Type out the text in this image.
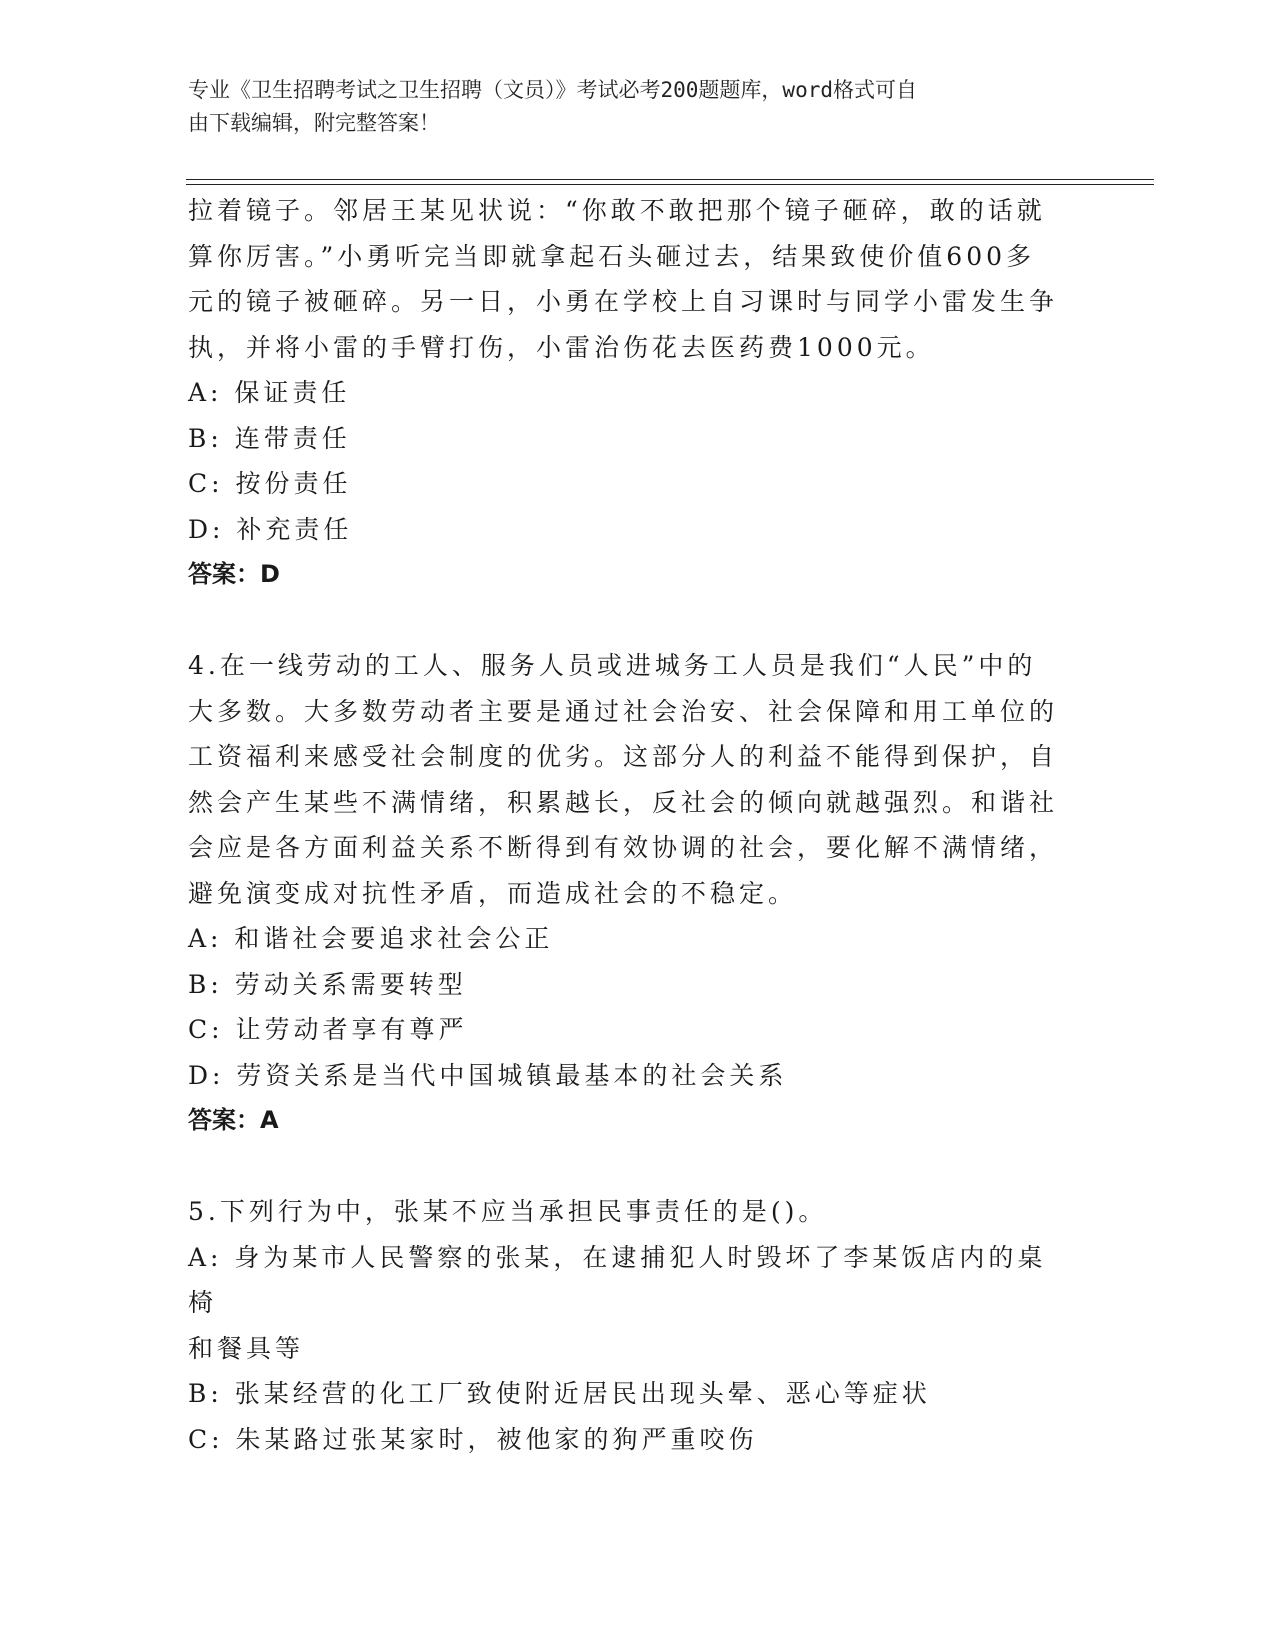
专业《卫生招聘考试之卫生招聘（文员）》考试必考200题题库，word格式可自
由下载编辑，附完整答案！

拉着镜子。邻居王某见状说：“你敢不敢把那个镜子砸碎，敢的话就

算你厉害。”小勇听完当即就拿起石头砸过去，结果致使价值600多

元的镜子被砸碎。另一日，小勇在学校上自习课时与同学小雷发生争

执，并将小雷的手臂打伤，小雷治伤花去医药费1000元。

A: 保证责任

B: 连带责任

C: 按份责任

D: 补充责任

答案：D

4.在一线劳动的工人、服务人员或进城务工人员是我们“人民”中的

大多数。大多数劳动者主要是通过社会治安、社会保障和用工单位的

工资福利来感受社会制度的优劣。这部分人的利益不能得到保护，自

然会产生某些不满情绪，积累越长，反社会的倾向就越强烈。和谐社

会应是各方面利益关系不断得到有效协调的社会，要化解不满情绪，

避免演变成对抗性矛盾，而造成社会的不稳定。

A: 和谐社会要追求社会公正

B: 劳动关系需要转型

C: 让劳动者享有尊严

D: 劳资关系是当代中国城镇最基本的社会关系

答案：A

5.下列行为中，张某不应当承担民事责任的是()。

A: 身为某市人民警察的张某，在逮捕犯人时毁坏了李某饭店内的桌椅

和餐具等

B: 张某经营的化工厂致使附近居民出现头晕、恶心等症状

C: 朱某路过张某家时，被他家的狗严重咬伤
